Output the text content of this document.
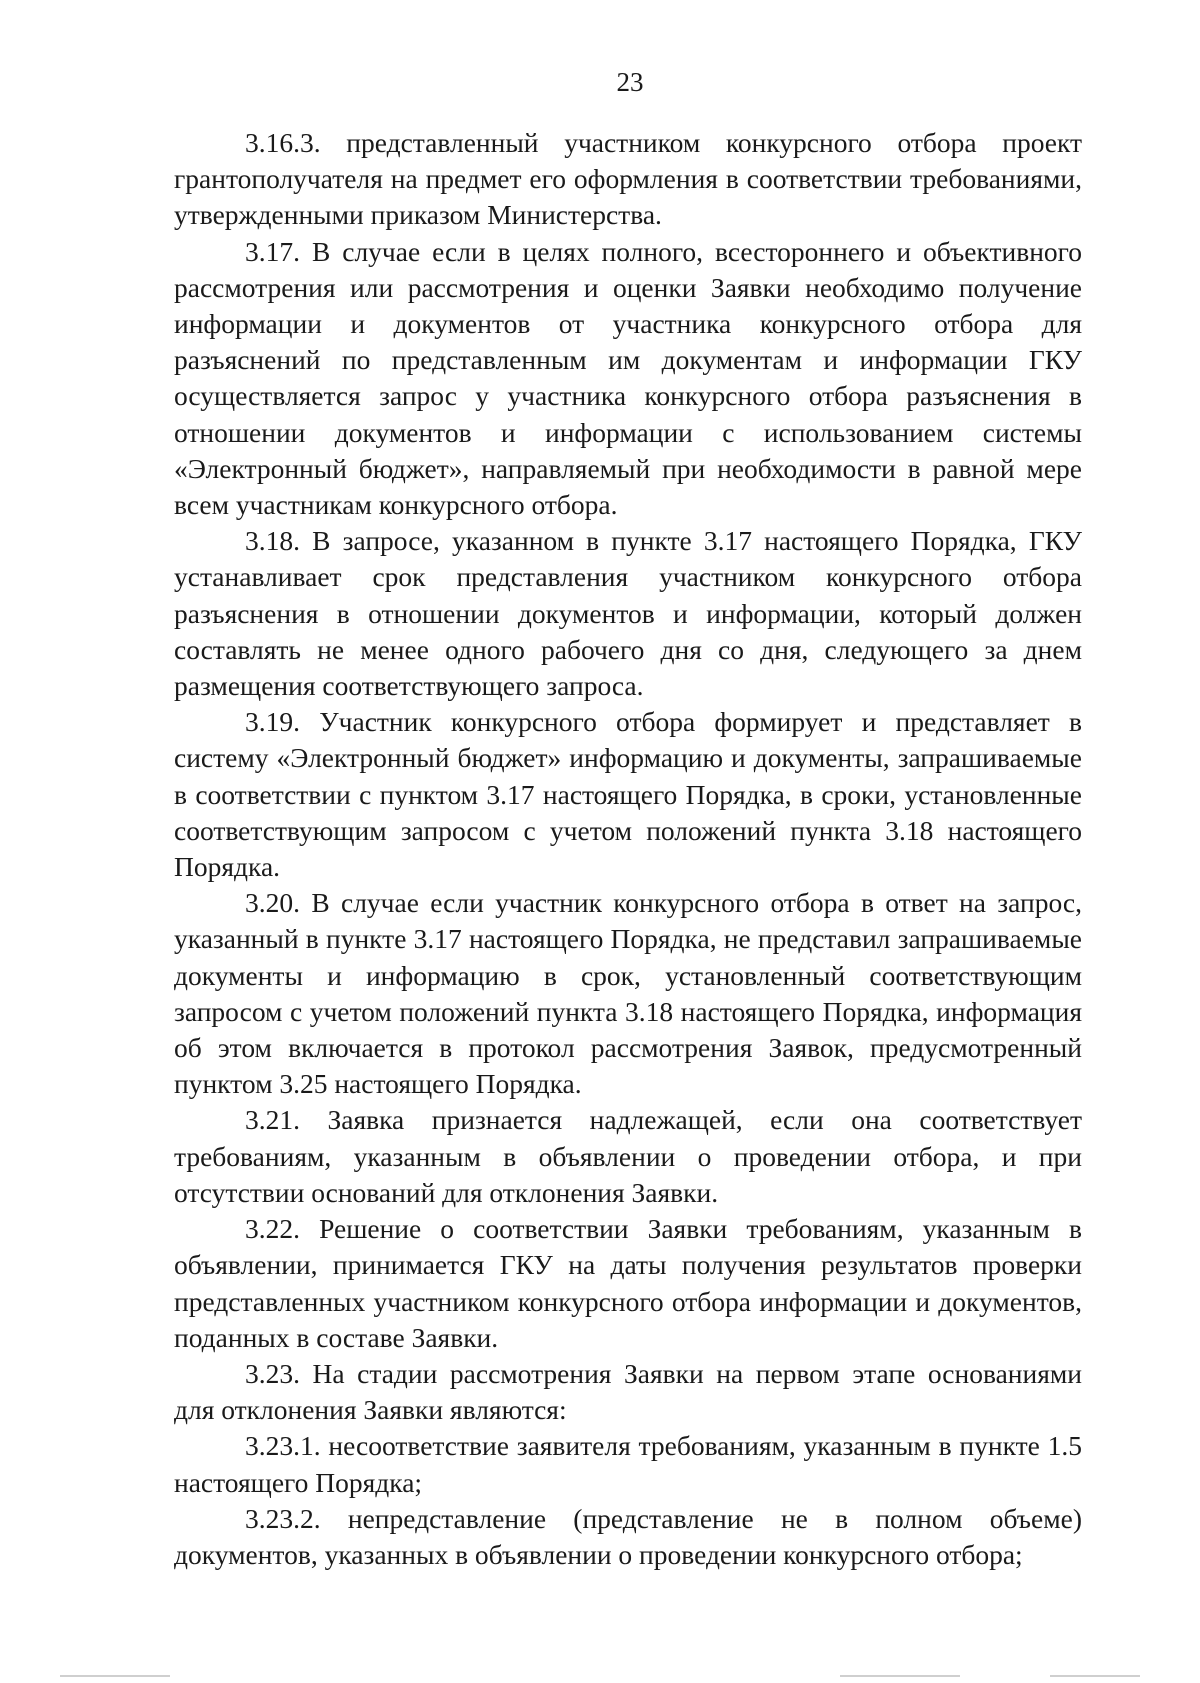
23

3.16.3. представленный участником конкурсного отбора проект грантополучателя на предмет его оформления в соответствии требованиями, утвержденными приказом Министерства.

3.17. В случае если в целях полного, всестороннего и объективного рассмотрения или рассмотрения и оценки Заявки необходимо получение информации и документов от участника конкурсного отбора для разъяснений по представленным им документам и информации ГКУ осуществляется запрос у участника конкурсного отбора разъяснения в отношении документов и информации с использованием системы «Электронный бюджет», направляемый при необходимости в равной мере всем участникам конкурсного отбора.

3.18. В запросе, указанном в пункте 3.17 настоящего Порядка, ГКУ устанавливает срок представления участником конкурсного отбора разъяснения в отношении документов и информации, который должен составлять не менее одного рабочего дня со дня, следующего за днем размещения соответствующего запроса.

3.19. Участник конкурсного отбора формирует и представляет в систему «Электронный бюджет» информацию и документы, запрашиваемые в соответствии с пунктом 3.17 настоящего Порядка, в сроки, установленные соответствующим запросом с учетом положений пункта 3.18 настоящего Порядка.

3.20. В случае если участник конкурсного отбора в ответ на запрос, указанный в пункте 3.17 настоящего Порядка, не представил запрашиваемые документы и информацию в срок, установленный соответствующим запросом с учетом положений пункта 3.18 настоящего Порядка, информация об этом включается в протокол рассмотрения Заявок, предусмотренный пунктом 3.25 настоящего Порядка.

3.21. Заявка признается надлежащей, если она соответствует требованиям, указанным в объявлении о проведении отбора, и при отсутствии оснований для отклонения Заявки.

3.22. Решение о соответствии Заявки требованиям, указанным в объявлении, принимается ГКУ на даты получения результатов проверки представленных участником конкурсного отбора информации и документов, поданных в составе Заявки.

3.23. На стадии рассмотрения Заявки на первом этапе основаниями для отклонения Заявки являются:

3.23.1. несоответствие заявителя требованиям, указанным в пункте 1.5 настоящего Порядка;

3.23.2. непредставление (представление не в полном объеме) документов, указанных в объявлении о проведении конкурсного отбора;
